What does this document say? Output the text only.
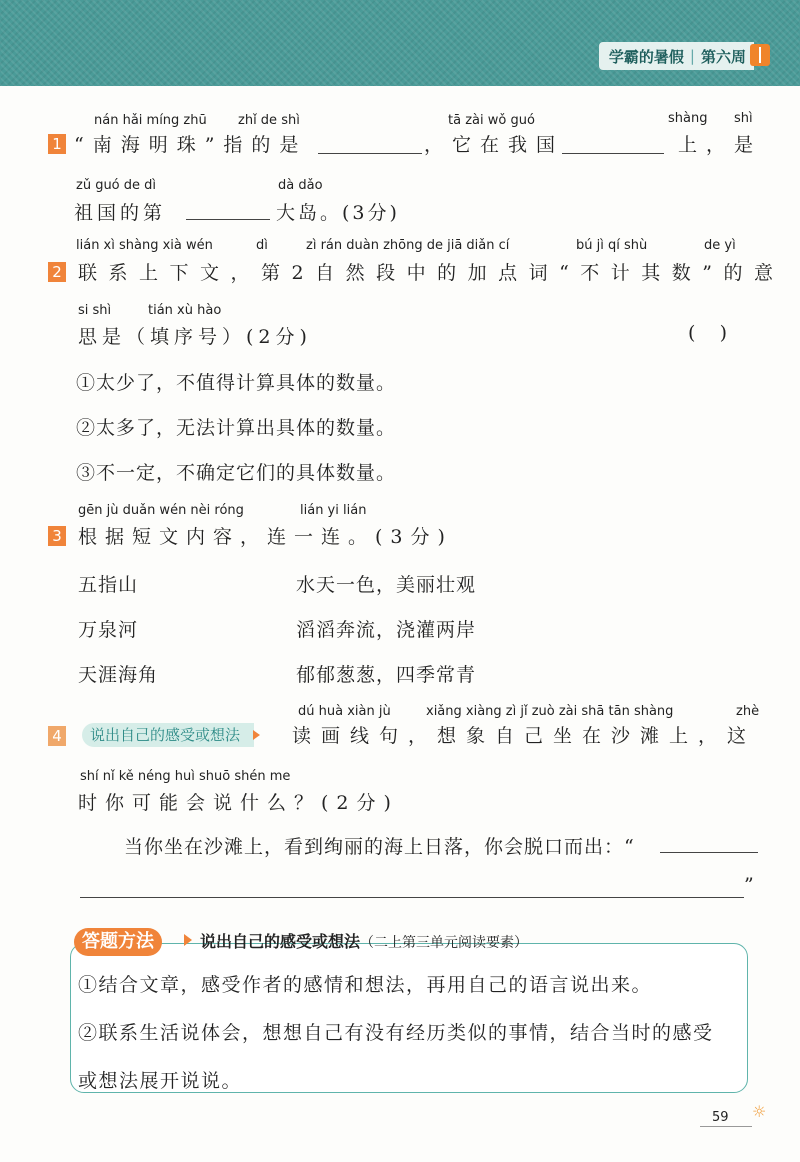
学霸的暑假 | 第六周
nán hǎi míng zhū zhǐ de shì	tā zài wǒ guó	shàng shì
1 “南海明珠”指的是	，它在我国	上，是
zǔ guó de dì	dà dǎo
祖国的第	大岛。(3分)
lián xì shàng xià wén	dì	zì rán duàn zhōng de jiā diǎn cí	bú jì qí shù	de yì
2 联系上下文，第2自然段中的加点词“不计其数”的意
si shì	tián xù hào
思是（填序号）(2分)	(    )
①太少了，不值得计算具体的数量。
②太多了，无法计算出具体的数量。
③不一定，不确定它们的具体数量。
gēn jù duǎn wén nèi róng	lián yi lián
3 根据短文内容，连一连。(3分)
五指山
万泉河
天涯海角
水天一色，美丽壮观
滔滔奔流，浇灌两岸
郁郁葱葱，四季常青
dú huà xiàn jù	xiǎng xiàng zì jǐ zuò zài shā tān shàng	zhè
4	说出自己的感受或想法	读画线句，想象自己坐在沙滩上，这
shí nǐ kě néng huì shuō shén me
时你可能会说什么？(2分)
当你坐在沙滩上，看到绚丽的海上日落，你会脱口而出：“
”
答题方法	说出自己的感受或想法（二上第三单元阅读要素）
①结合文章，感受作者的感情和想法，再用自己的语言说出来。
②联系生活说体会，想想自己有没有经历类似的事情，结合当时的感受
或想法展开说说。
59 ☼
